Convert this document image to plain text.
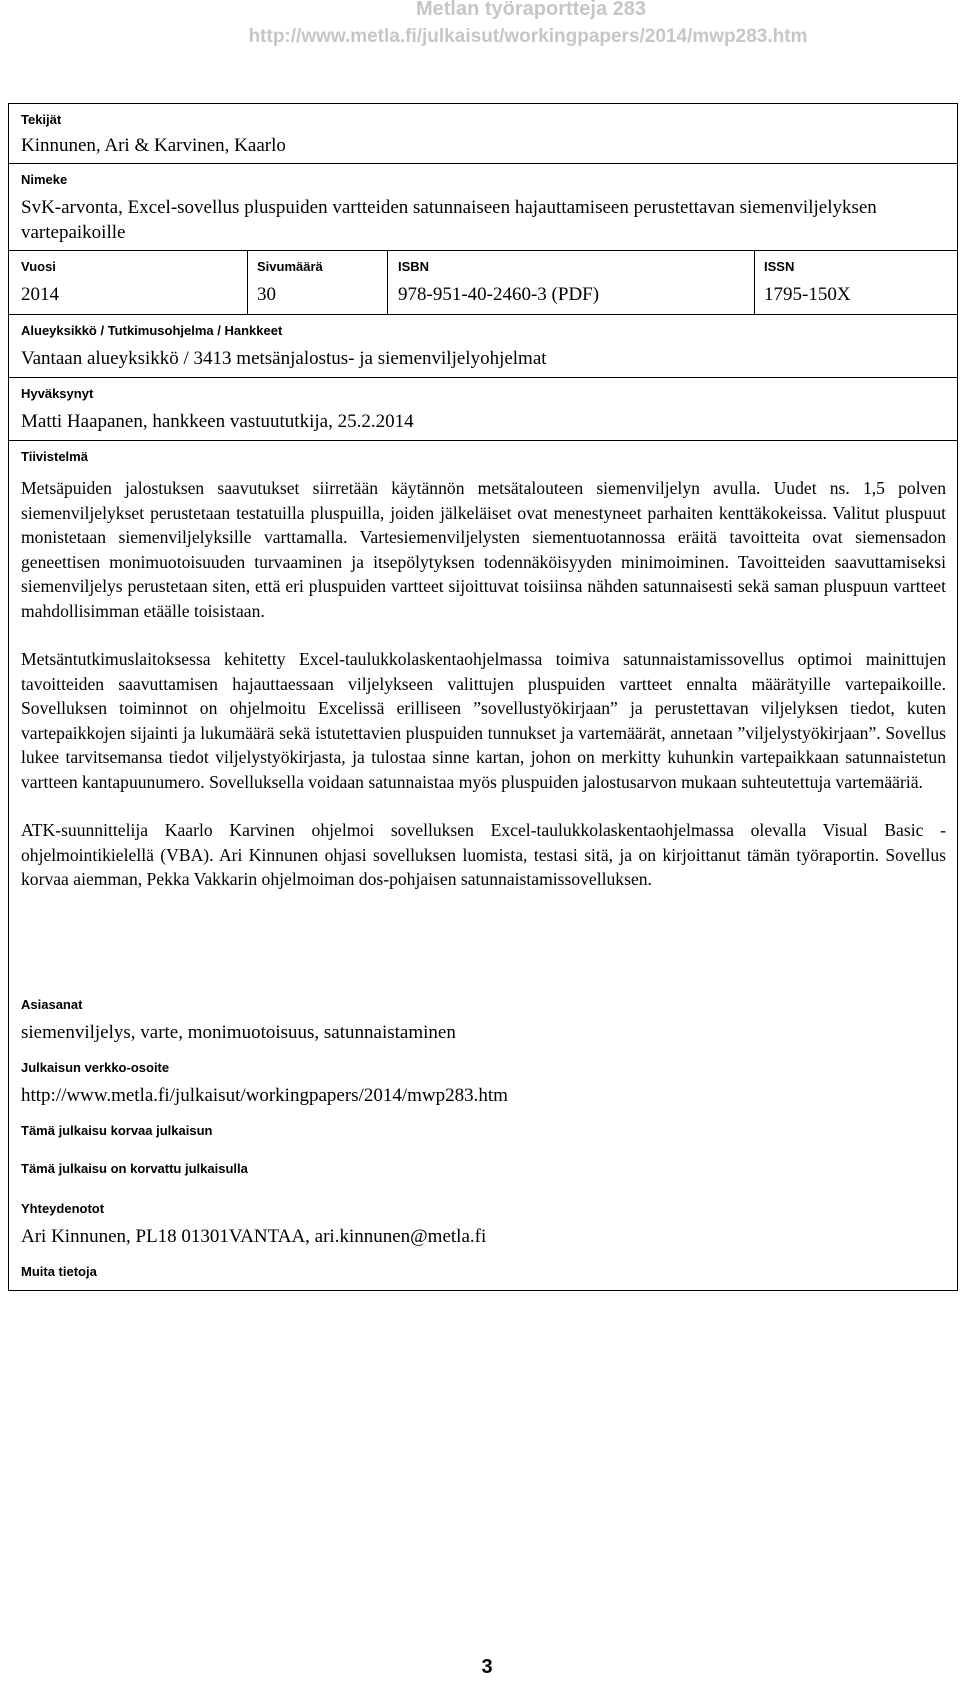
Metlan työraportteja 283
http://www.metla.fi/julkaisut/workingpapers/2014/mwp283.htm
Tekijät
Kinnunen, Ari & Karvinen, Kaarlo
Nimeke
SvK-arvonta, Excel-sovellus pluspuiden vartteiden satunnaiseen hajauttamiseen perustettavan siemenviljelyksen vartepaikoille
Vuosi
2014
Sivumäärä
30
ISBN
978-951-40-2460-3 (PDF)
ISSN
1795-150X
Alueyksikkö / Tutkimusohjelma / Hankkeet
Vantaan alueyksikkö / 3413 metsänjalostus- ja siemenviljelyohjelmat
Hyväksynyt
Matti Haapanen, hankkeen vastuututkija, 25.2.2014
Tiivistelmä

Metsäpuiden jalostuksen saavutukset siirretään käytännön metsätalouteen siemenviljelyn avulla. Uudet ns. 1,5 polven siemenviljelykset perustetaan testatuilla pluspuilla, joiden jälkeläiset ovat menestyneet parhaiten kenttäkokeissa. Valitut pluspuut monistetaan siemenviljelyksille varttamalla. Vartesiemenviljelysten siementuotannossa eräitä tavoitteita ovat siemensadon geneettisen monimuotoisuuden turvaaminen ja itsepölytyksen todennäköisyyden minimoiminen. Tavoitteiden saavuttamiseksi siemenviljelys perustetaan siten, että eri pluspuiden vartteet sijoittuvat toisiinsa nähden satunnaisesti sekä saman pluspuun vartteet mahdollisimman etäälle toisistaan.

Metsäntutkimuslaitoksessa kehitetty Excel-taulukkolaskentaohjelmassa toimiva satunnaistamissovellus optimoi mainittujen tavoitteiden saavuttamisen hajauttaessaan viljelykseen valittujen pluspuiden vartteet ennalta määrätyille vartepaikoille. Sovelluksen toiminnot on ohjelmoitu Excelissä erilliseen ”sovellustyökirjaan” ja perustettavan viljelyksen tiedot, kuten vartepaikkojen sijainti ja lukumäärä sekä istutettavien pluspuiden tunnukset ja vartemäärät, annetaan ”viljelystyökirjaan”. Sovellus lukee tarvitsemansa tiedot viljelystyökirjasta, ja tulostaa sinne kartan, johon on merkitty kuhunkin vartepaikkaan satunnaistetun vartteen kantapuunumero. Sovelluksella voidaan satunnaistaa myös pluspuiden jalostusarvon mukaan suhteutettuja vartemääriä.

ATK-suunnittelija Kaarlo Karvinen ohjelmoi sovelluksen Excel-taulukkolaskentaohjelmassa olevalla Visual Basic -ohjelmointikielellä (VBA). Ari Kinnunen ohjasi sovelluksen luomista, testasi sitä, ja on kirjoittanut tämän työraportin. Sovellus korvaa aiemman, Pekka Vakkarin ohjelmoiman dos-pohjaisen satunnaistamissovelluksen.

Asiasanat
siemenviljelys, varte, monimuotoisuus, satunnaistaminen
Julkaisun verkko-osoite
http://www.metla.fi/julkaisut/workingpapers/2014/mwp283.htm
Tämä julkaisu korvaa julkaisun
Tämä julkaisu on korvattu julkaisulla
Yhteydenotot
Ari Kinnunen, PL18 01301VANTAA, ari.kinnunen@metla.fi
Muita tietoja
3
